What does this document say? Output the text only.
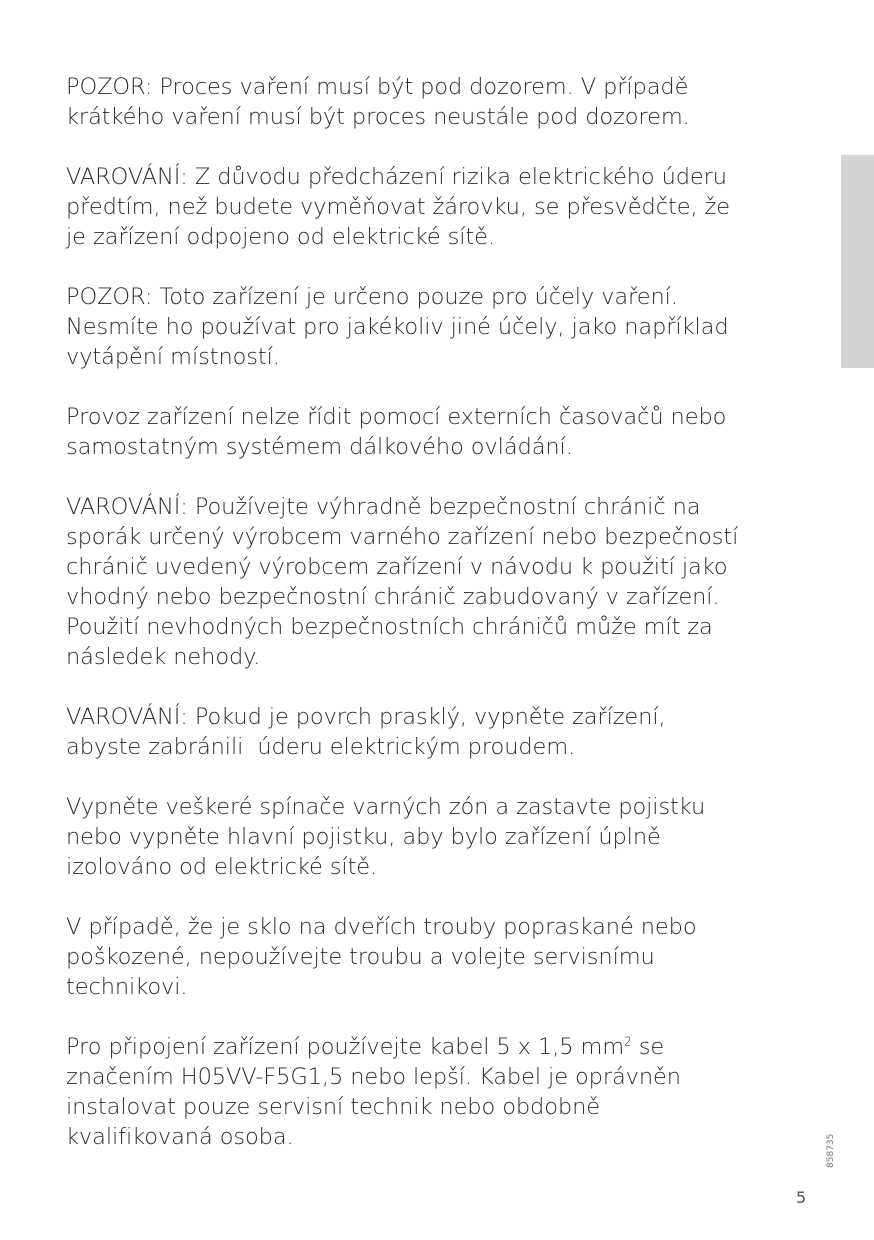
POZOR: Proces vaření musí být pod dozorem. V případě
krátkého vaření musí být proces neustále pod dozorem.
VAROVÁNÍ: Z důvodu předcházení rizika elektrického úderu
předtím, než budete vyměňovat žárovku, se přesvědčte, že
je zařízení odpojeno od elektrické sítě.
POZOR: Toto zařízení je určeno pouze pro účely vaření.
Nesmíte ho používat pro jakékoliv jiné účely, jako například
vytápění místností.
Provoz zařízení nelze řídit pomocí externích časovačů nebo
samostatným systémem dálkového ovládání.
VAROVÁNÍ: Používejte výhradně bezpečnostní chránič na
sporák určený výrobcem varného zařízení nebo bezpečností
chránič uvedený výrobcem zařízení v návodu k použití jako
vhodný nebo bezpečnostní chránič zabudovaný v zařízení.
Použití nevhodných bezpečnostních chráničů může mít za
následek nehody.
VAROVÁNÍ: Pokud je povrch prasklý, vypněte zařízení,
abyste zabránili  úderu elektrickým proudem.
Vypněte veškeré spínače varných zón a zastavte pojistku
nebo vypněte hlavní pojistku, aby bylo zařízení úplně
izolováno od elektrické sítě.
V případě, že je sklo na dveřích trouby popraskané nebo
poškozené, nepoužívejte troubu a volejte servisnímu
technikovi.
Pro připojení zařízení používejte kabel 5 x 1,5 $mm^2$ se
značením H05VV-F5G1,5 nebo lepší. Kabel je oprávněn
instalovat pouze servisní technik nebo obdobně
kvalifikovaná osoba.	858735
5
